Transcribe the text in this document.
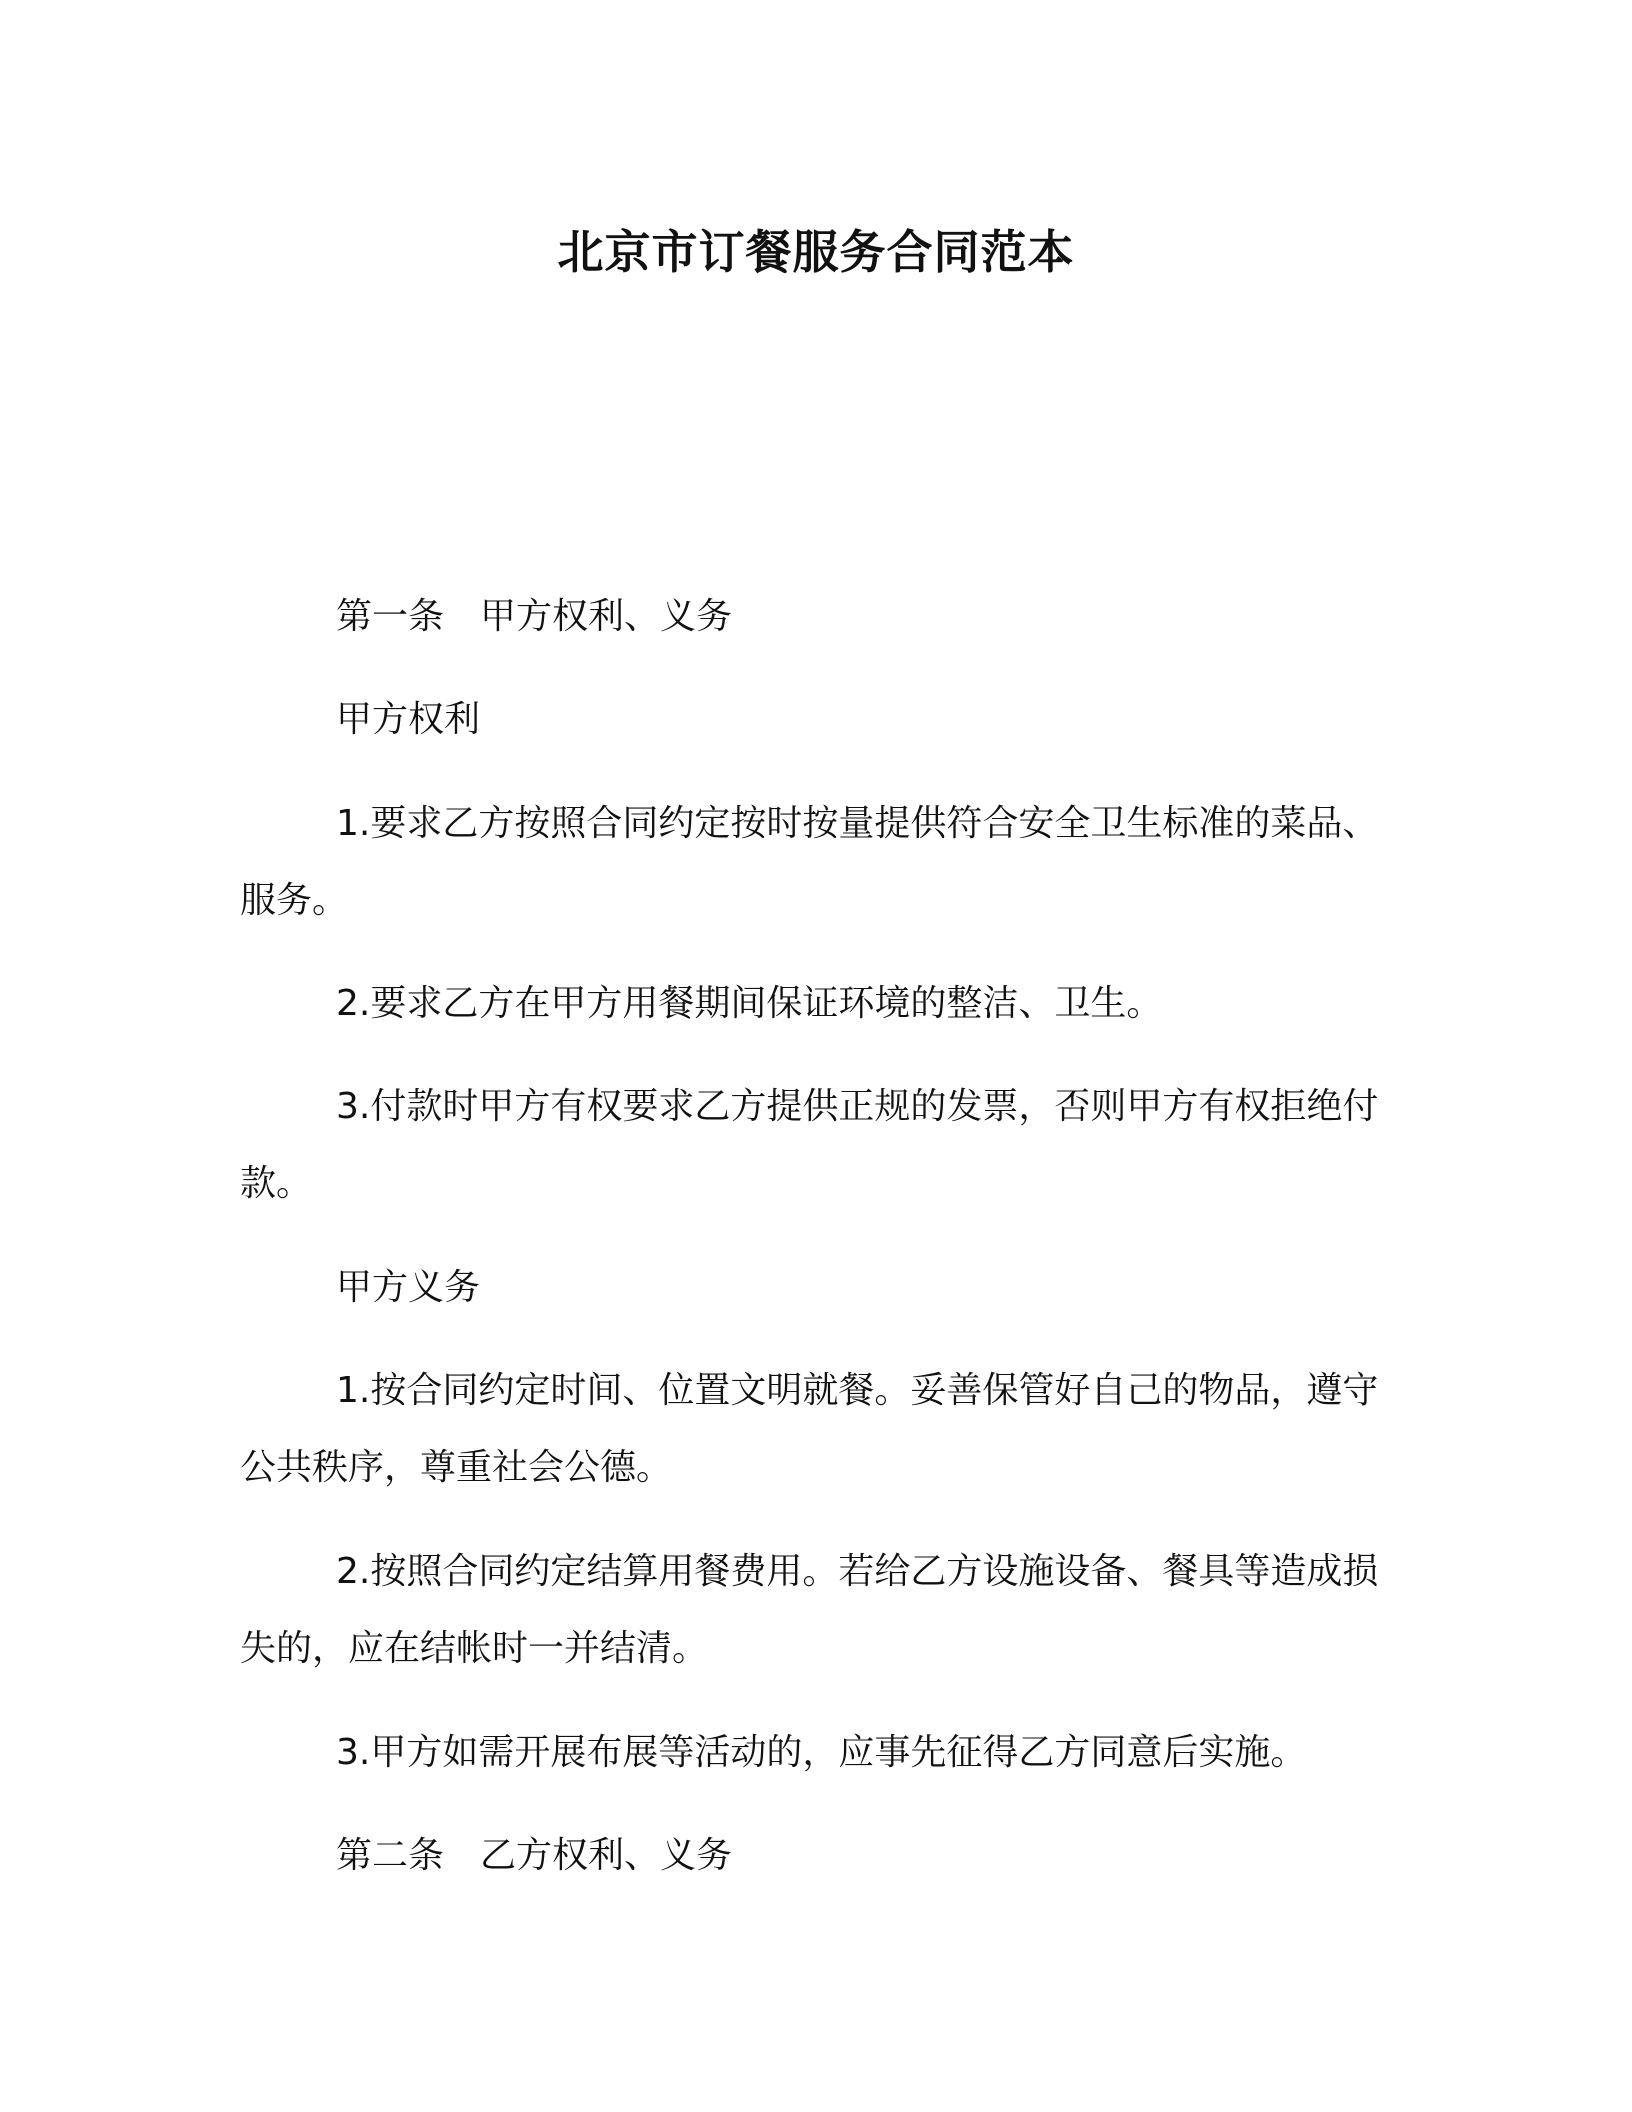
北京市订餐服务合同范本
第一条　甲方权利、义务
甲方权利
1.要求乙方按照合同约定按时按量提供符合安全卫生标准的菜品、服务。
2.要求乙方在甲方用餐期间保证环境的整洁、卫生。
3.付款时甲方有权要求乙方提供正规的发票，否则甲方有权拒绝付款。
甲方义务
1.按合同约定时间、位置文明就餐。妥善保管好自己的物品，遵守公共秩序，尊重社会公德。
2.按照合同约定结算用餐费用。若给乙方设施设备、餐具等造成损失的，应在结帐时一并结清。
3.甲方如需开展布展等活动的，应事先征得乙方同意后实施。
第二条　乙方权利、义务
